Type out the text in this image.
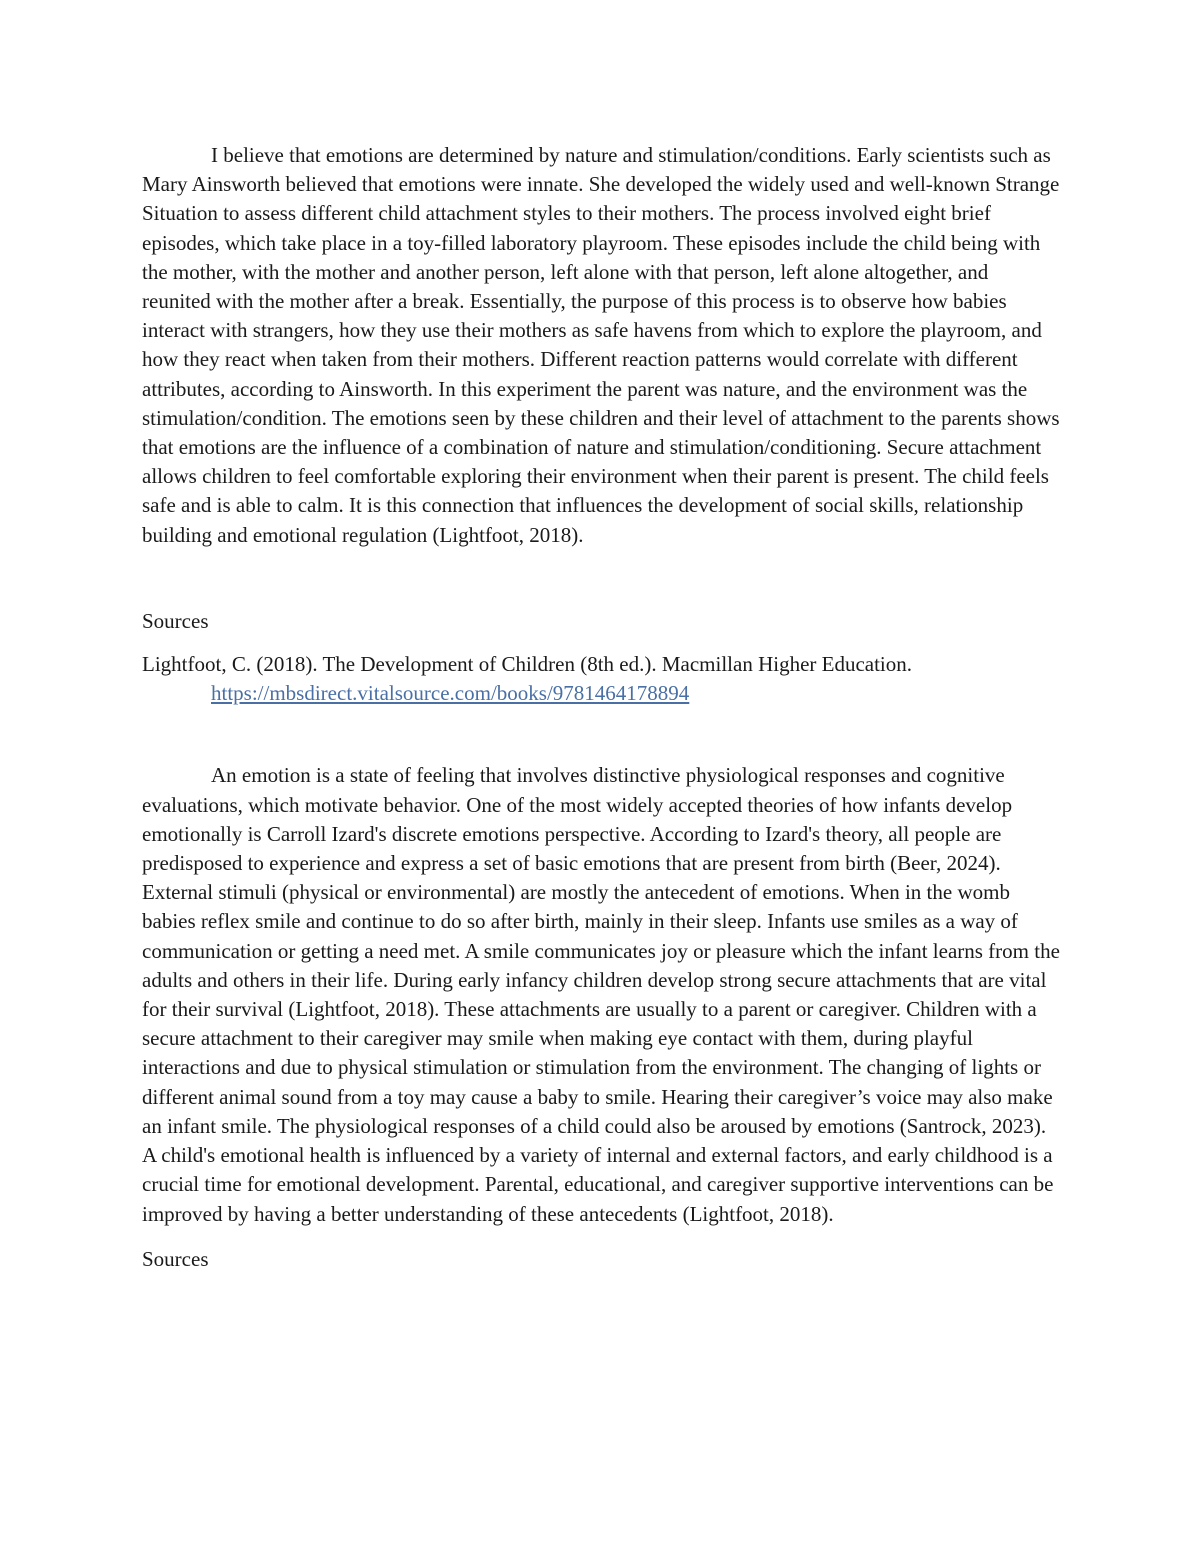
I believe that emotions are determined by nature and stimulation/conditions. Early scientists such as Mary Ainsworth believed that emotions were innate. She developed the widely used and well-known Strange Situation to assess different child attachment styles to their mothers. The process involved eight brief episodes, which take place in a toy-filled laboratory playroom. These episodes include the child being with the mother, with the mother and another person, left alone with that person, left alone altogether, and reunited with the mother after a break. Essentially, the purpose of this process is to observe how babies interact with strangers, how they use their mothers as safe havens from which to explore the playroom, and how they react when taken from their mothers. Different reaction patterns would correlate with different attributes, according to Ainsworth. In this experiment the parent was nature, and the environment was the stimulation/condition. The emotions seen by these children and their level of attachment to the parents shows that emotions are the influence of a combination of nature and stimulation/conditioning. Secure attachment allows children to feel comfortable exploring their environment when their parent is present. The child feels safe and is able to calm. It is this connection that influences the development of social skills, relationship building and emotional regulation (Lightfoot, 2018).

Sources

Lightfoot, C. (2018). The Development of Children (8th ed.). Macmillan Higher Education.
https://mbsdirect.vitalsource.com/books/9781464178894

An emotion is a state of feeling that involves distinctive physiological responses and cognitive evaluations, which motivate behavior. One of the most widely accepted theories of how infants develop emotionally is Carroll Izard's discrete emotions perspective. According to Izard's theory, all people are predisposed to experience and express a set of basic emotions that are present from birth (Beer, 2024). External stimuli (physical or environmental) are mostly the antecedent of emotions. When in the womb babies reflex smile and continue to do so after birth, mainly in their sleep. Infants use smiles as a way of communication or getting a need met. A smile communicates joy or pleasure which the infant learns from the adults and others in their life. During early infancy children develop strong secure attachments that are vital for their survival (Lightfoot, 2018). These attachments are usually to a parent or caregiver. Children with a secure attachment to their caregiver may smile when making eye contact with them, during playful interactions and due to physical stimulation or stimulation from the environment. The changing of lights or different animal sound from a toy may cause a baby to smile. Hearing their caregiver’s voice may also make an infant smile. The physiological responses of a child could also be aroused by emotions (Santrock, 2023). A child's emotional health is influenced by a variety of internal and external factors, and early childhood is a crucial time for emotional development. Parental, educational, and caregiver supportive interventions can be improved by having a better understanding of these antecedents (Lightfoot, 2018).

Sources
